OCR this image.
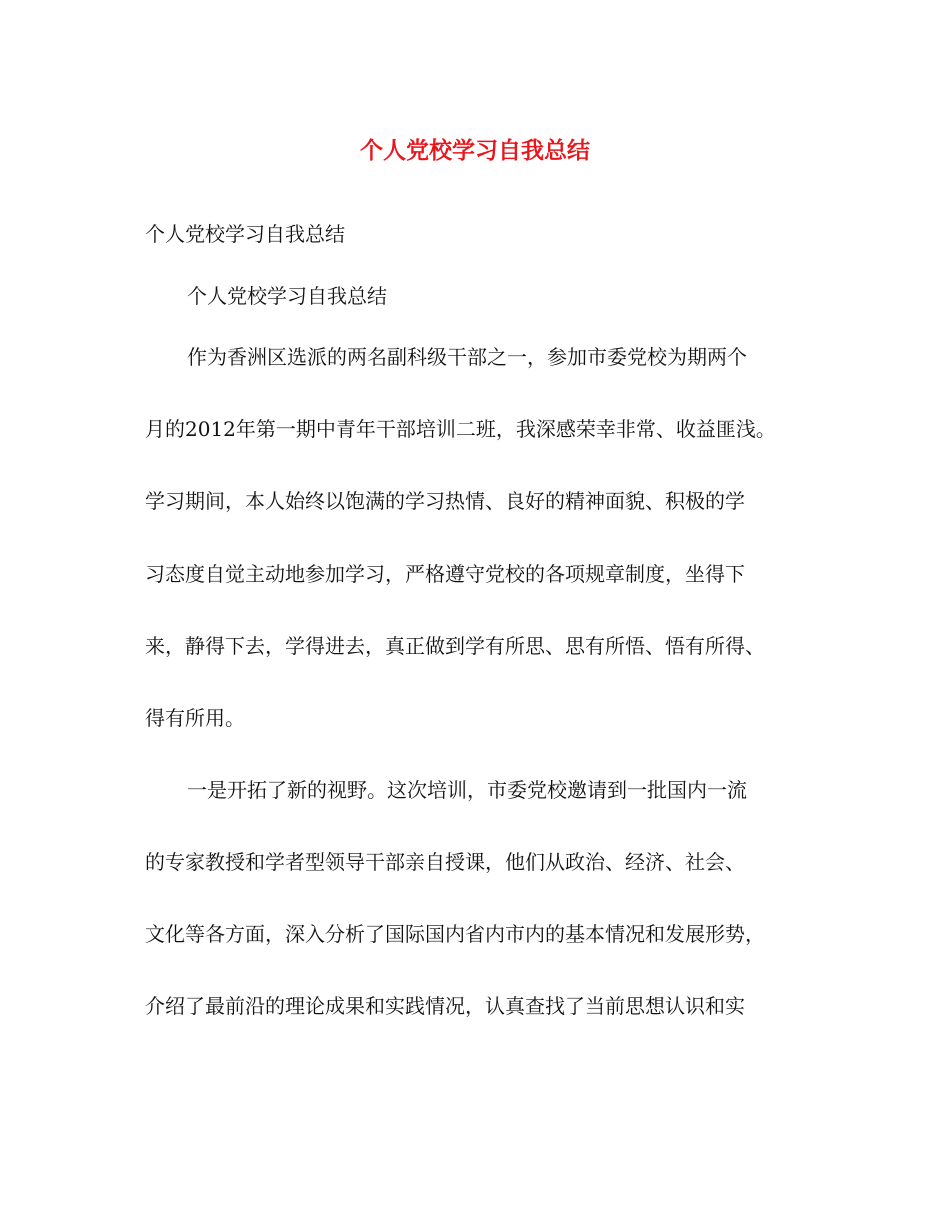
个人党校学习自我总结

个人党校学习自我总结

个人党校学习自我总结

作为香洲区选派的两名副科级干部之一，参加市委党校为期两个

月的2012年第一期中青年干部培训二班，我深感荣幸非常、收益匪浅。

学习期间，本人始终以饱满的学习热情、良好的精神面貌、积极的学

习态度自觉主动地参加学习，严格遵守党校的各项规章制度，坐得下

来，静得下去，学得进去，真正做到学有所思、思有所悟、悟有所得、

得有所用。

一是开拓了新的视野。这次培训，市委党校邀请到一批国内一流

的专家教授和学者型领导干部亲自授课，他们从政治、经济、社会、

文化等各方面，深入分析了国际国内省内市内的基本情况和发展形势，

介绍了最前沿的理论成果和实践情况，认真查找了当前思想认识和实
